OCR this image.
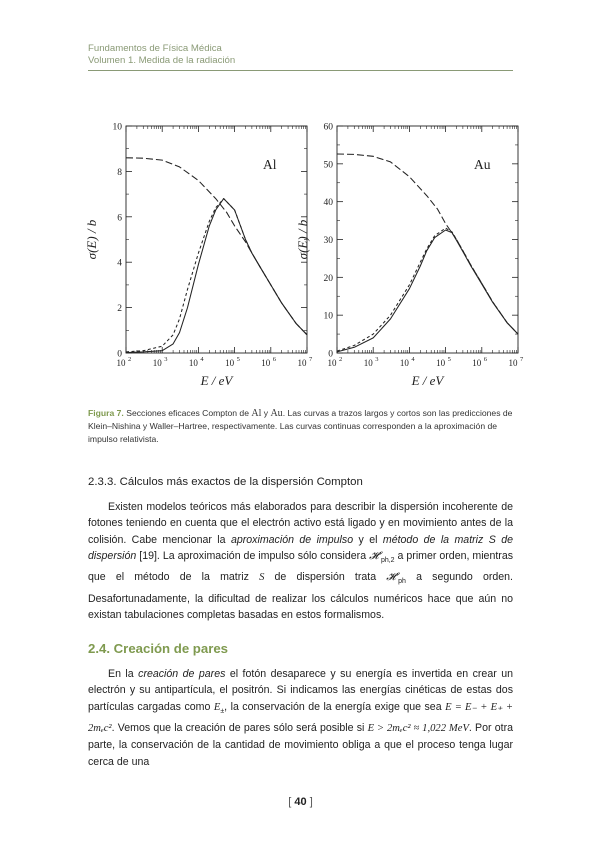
Fundamentos de Física Médica
Volumen 1. Medida de la radiación
10 2 10 3 10 4 10 5 10 6 10 7
0
2
4
6
8
10
Al
E / eV
σ(E) / b
10 2 10 3 10 4 10 5 10 6 10 7
0
10
20
30
40
50
60
Au
E / eV
σ(E) / b
Figura 7. Secciones eficaces Compton de Al y Au. Las curvas a trazos largos y cortos son las predicciones de Klein–Nishina y Waller–Hartree, respectivamente. Las curvas continuas corresponden a la aproximación de impulso relativista.
2.3.3. Cálculos más exactos de la dispersión Compton

Existen modelos teóricos más elaborados para describir la dispersión incoherente de fotones teniendo en cuenta que el electrón activo está ligado y en movimiento antes de la colisión. Cabe mencionar la aproximación de impulso y el método de la matriz S de dispersión [19]. La aproximación de impulso sólo considera $𝓗'_{ph,2}$ a primer orden, mientras que el método de la matriz S de dispersión trata $𝓗'_{ph}$ a segundo orden. Desafortunadamente, la dificultad de realizar los cálculos numéricos hace que aún no existan tabulaciones completas basadas en estos formalismos.

2.4. Creación de pares

En la creación de pares el fotón desaparece y su energía es invertida en crear un electrón y su antipartícula, el positrón. Si indicamos las energías cinéticas de estas dos partículas cargadas como $E_\pm$, la conservación de la energía exige que sea E = E₋ + E₊ + 2mₑc². Vemos que la creación de pares sólo será posible si E > 2mₑc² ≈ 1,022 MeV. Por otra parte, la conservación de la cantidad de movimiento obliga a que el proceso tenga lugar cerca de una

[ 40 ]
